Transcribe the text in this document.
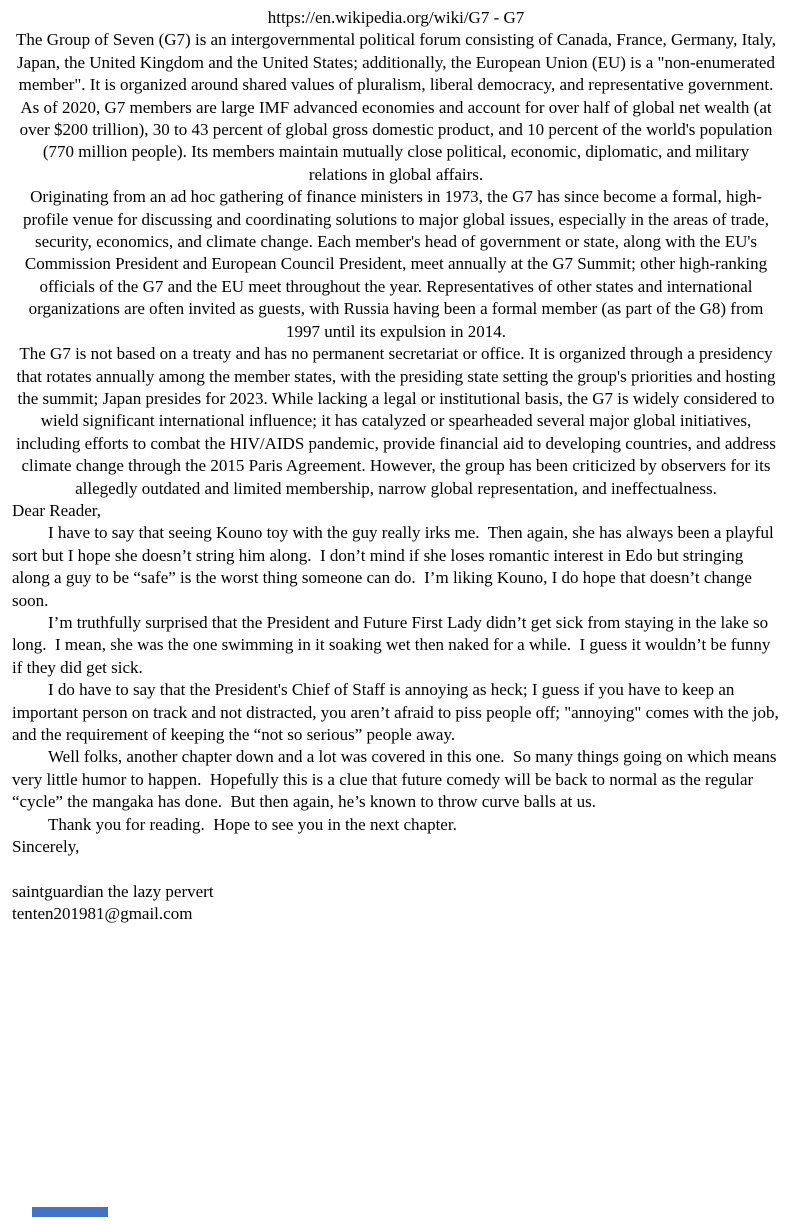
https://en.wikipedia.org/wiki/G7 - G7

The Group of Seven (G7) is an intergovernmental political forum consisting of Canada, France, Germany, Italy, Japan, the United Kingdom and the United States; additionally, the European Union (EU) is a "non-enumerated member". It is organized around shared values of pluralism, liberal democracy, and representative government. As of 2020, G7 members are large IMF advanced economies and account for over half of global net wealth (at over $200 trillion), 30 to 43 percent of global gross domestic product, and 10 percent of the world's population (770 million people). Its members maintain mutually close political, economic, diplomatic, and military relations in global affairs.

Originating from an ad hoc gathering of finance ministers in 1973, the G7 has since become a formal, high-profile venue for discussing and coordinating solutions to major global issues, especially in the areas of trade, security, economics, and climate change. Each member's head of government or state, along with the EU's Commission President and European Council President, meet annually at the G7 Summit; other high-ranking officials of the G7 and the EU meet throughout the year. Representatives of other states and international organizations are often invited as guests, with Russia having been a formal member (as part of the G8) from 1997 until its expulsion in 2014.

The G7 is not based on a treaty and has no permanent secretariat or office. It is organized through a presidency that rotates annually among the member states, with the presiding state setting the group's priorities and hosting the summit; Japan presides for 2023. While lacking a legal or institutional basis, the G7 is widely considered to wield significant international influence; it has catalyzed or spearheaded several major global initiatives, including efforts to combat the HIV/AIDS pandemic, provide financial aid to developing countries, and address climate change through the 2015 Paris Agreement. However, the group has been criticized by observers for its allegedly outdated and limited membership, narrow global representation, and ineffectualness.

Dear Reader,

I have to say that seeing Kouno toy with the guy really irks me.  Then again, she has always been a playful sort but I hope she doesn’t string him along.  I don’t mind if she loses romantic interest in Edo but stringing along a guy to be “safe” is the worst thing someone can do.  I’m liking Kouno, I do hope that doesn’t change soon.

I’m truthfully surprised that the President and Future First Lady didn’t get sick from staying in the lake so long.  I mean, she was the one swimming in it soaking wet then naked for a while.  I guess it wouldn’t be funny if they did get sick.

I do have to say that the President's Chief of Staff is annoying as heck; I guess if you have to keep an important person on track and not distracted, you aren’t afraid to piss people off; "annoying" comes with the job, and the requirement of keeping the “not so serious” people away.

Well folks, another chapter down and a lot was covered in this one.  So many things going on which means very little humor to happen.  Hopefully this is a clue that future comedy will be back to normal as the regular “cycle” the mangaka has done.  But then again, he’s known to throw curve balls at us.

Thank you for reading.  Hope to see you in the next chapter.

Sincerely,

saintguardian the lazy pervert

tenten201981@gmail.com
